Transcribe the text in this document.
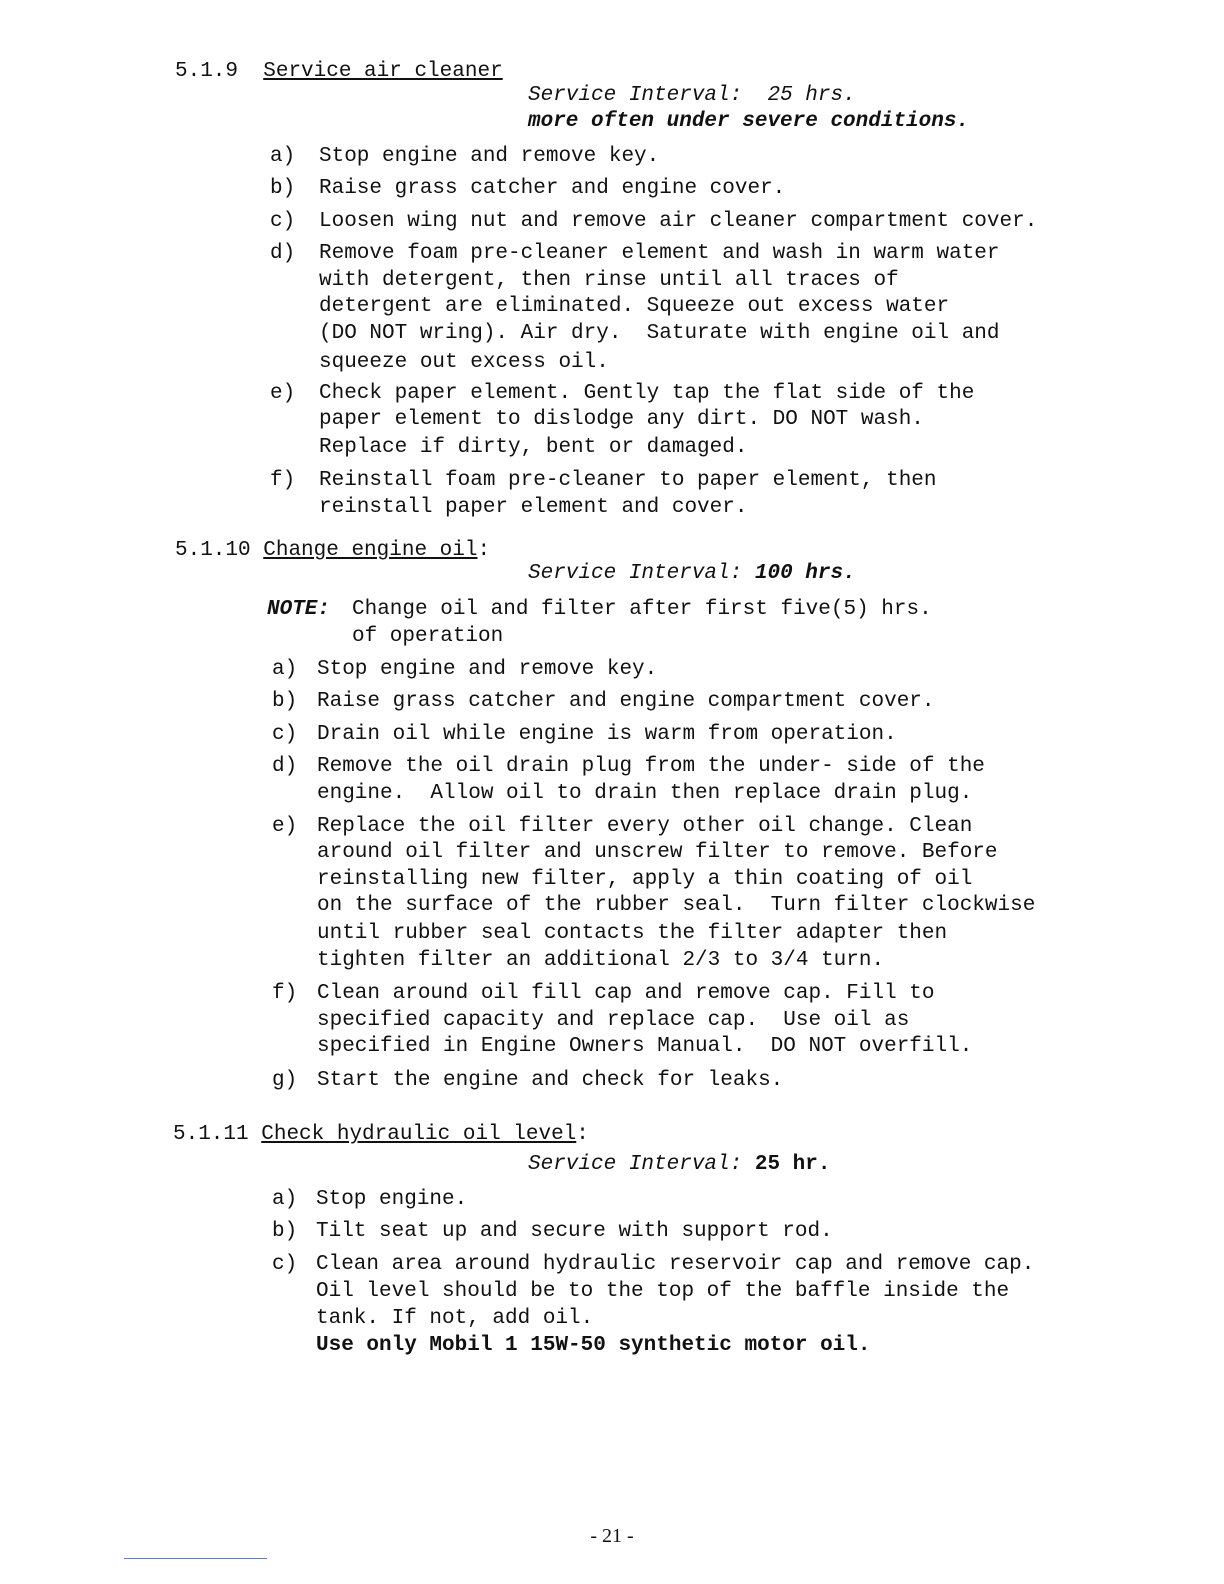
5.1.9 Service air cleaner
Service Interval: 25 hrs.
more often under severe conditions.
a)	Stop engine and remove key.
b)	Raise grass catcher and engine cover.
c)	Loosen wing nut and remove air cleaner compartment cover.
d)	Remove foam pre-cleaner element and wash in warm water
with detergent, then rinse until all traces of
detergent are eliminated. Squeeze out excess water
(DO NOT wring). Air dry.  Saturate with engine oil and
squeeze out excess oil.
e)	Check paper element. Gently tap the flat side of the
paper element to dislodge any dirt. DO NOT wash.
Replace if dirty, bent or damaged.
f)	Reinstall foam pre-cleaner to paper element, then
reinstall paper element and cover.
5.1.10 Change engine oil:
Service Interval: 100 hrs.
NOTE: Change oil and filter after first five(5) hrs.
of operation
a) Stop engine and remove key.
b) Raise grass catcher and engine compartment cover.
c) Drain oil while engine is warm from operation.
d) Remove the oil drain plug from the under- side of the
engine.  Allow oil to drain then replace drain plug.
e) Replace the oil filter every other oil change. Clean
around oil filter and unscrew filter to remove. Before
reinstalling new filter, apply a thin coating of oil
on the surface of the rubber seal.  Turn filter clockwise
until rubber seal contacts the filter adapter then
tighten filter an additional 2/3 to 3/4 turn.
f) Clean around oil fill cap and remove cap. Fill to
specified capacity and replace cap.  Use oil as
specified in Engine Owners Manual.  DO NOT overfill.
g) Start the engine and check for leaks.
5.1.11 Check hydraulic oil level:
Service Interval: 25 hr.
a) Stop engine.
b) Tilt seat up and secure with support rod.
c) Clean area around hydraulic reservoir cap and remove cap.
Oil level should be to the top of the baffle inside the
tank. If not, add oil.
Use only Mobil 1 15W-50 synthetic motor oil.
- 21 -
